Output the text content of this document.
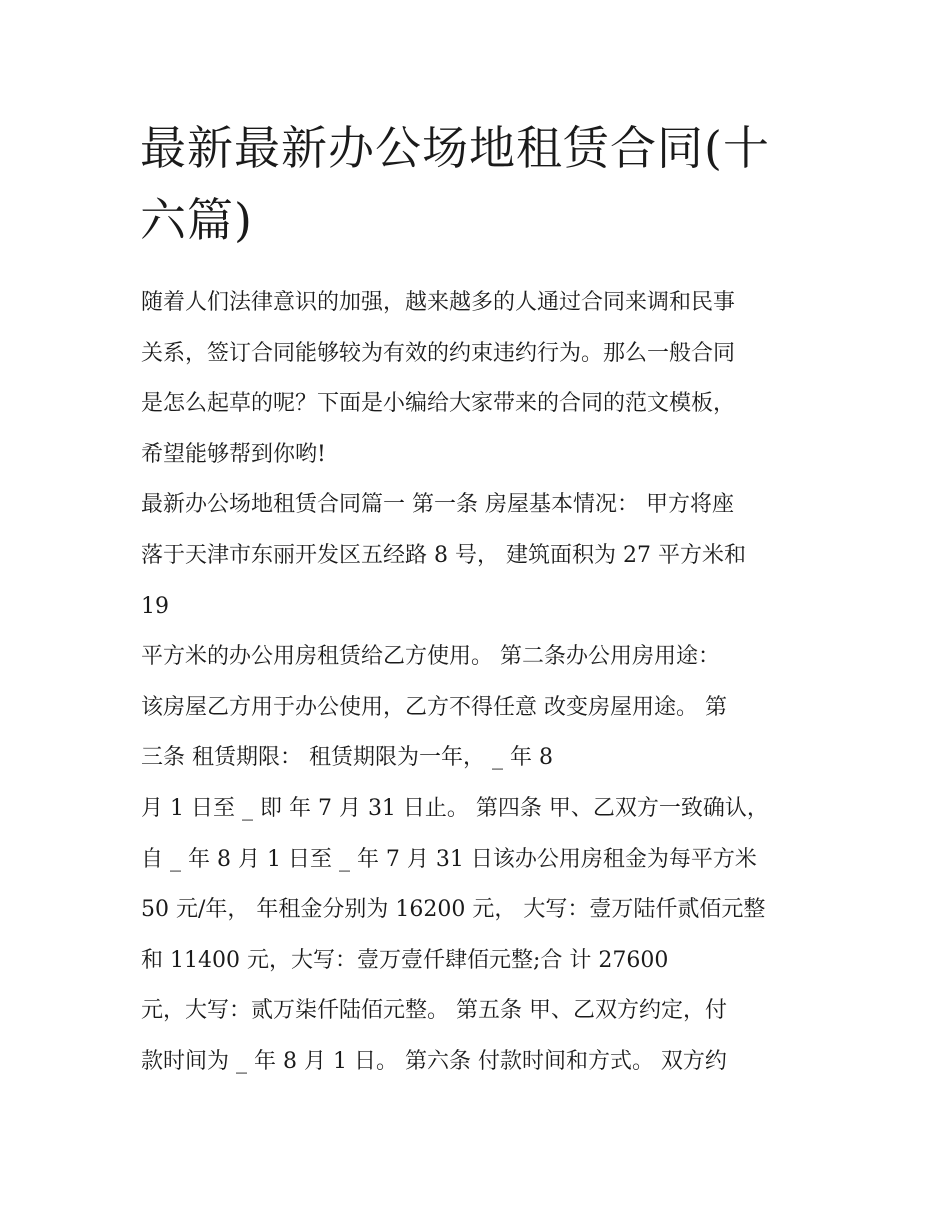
最新最新办公场地租赁合同(十
六篇)
随着人们法律意识的加强，越来越多的人通过合同来调和民事
关系，签订合同能够较为有效的约束违约行为。那么一般合同
是怎么起草的呢？下面是小编给大家带来的合同的范文模板，
希望能够帮到你哟!
最新办公场地租赁合同篇一 第一条 房屋基本情况： 甲方将座
落于天津市东丽开发区五经路 8 号， 建筑面积为 27 平方米和
19
平方米的办公用房租赁给乙方使用。 第二条办公用房用途：
该房屋乙方用于办公使用，乙方不得任意 改变房屋用途。 第
三条 租赁期限： 租赁期限为一年， _ 年 8
月 1 日至 _ 即 年 7 月 31 日止。 第四条 甲、乙双方一致确认，
自 _ 年 8 月 1 日至 _ 年 7 月 31 日该办公用房租金为每平方米
50 元/年， 年租金分别为 16200 元， 大写：壹万陆仟贰佰元整
和 11400 元，大写：壹万壹仟肆佰元整;合 计 27600
元，大写：贰万柒仟陆佰元整。 第五条 甲、乙双方约定，付
款时间为 _ 年 8 月 1 日。 第六条 付款时间和方式。 双方约
